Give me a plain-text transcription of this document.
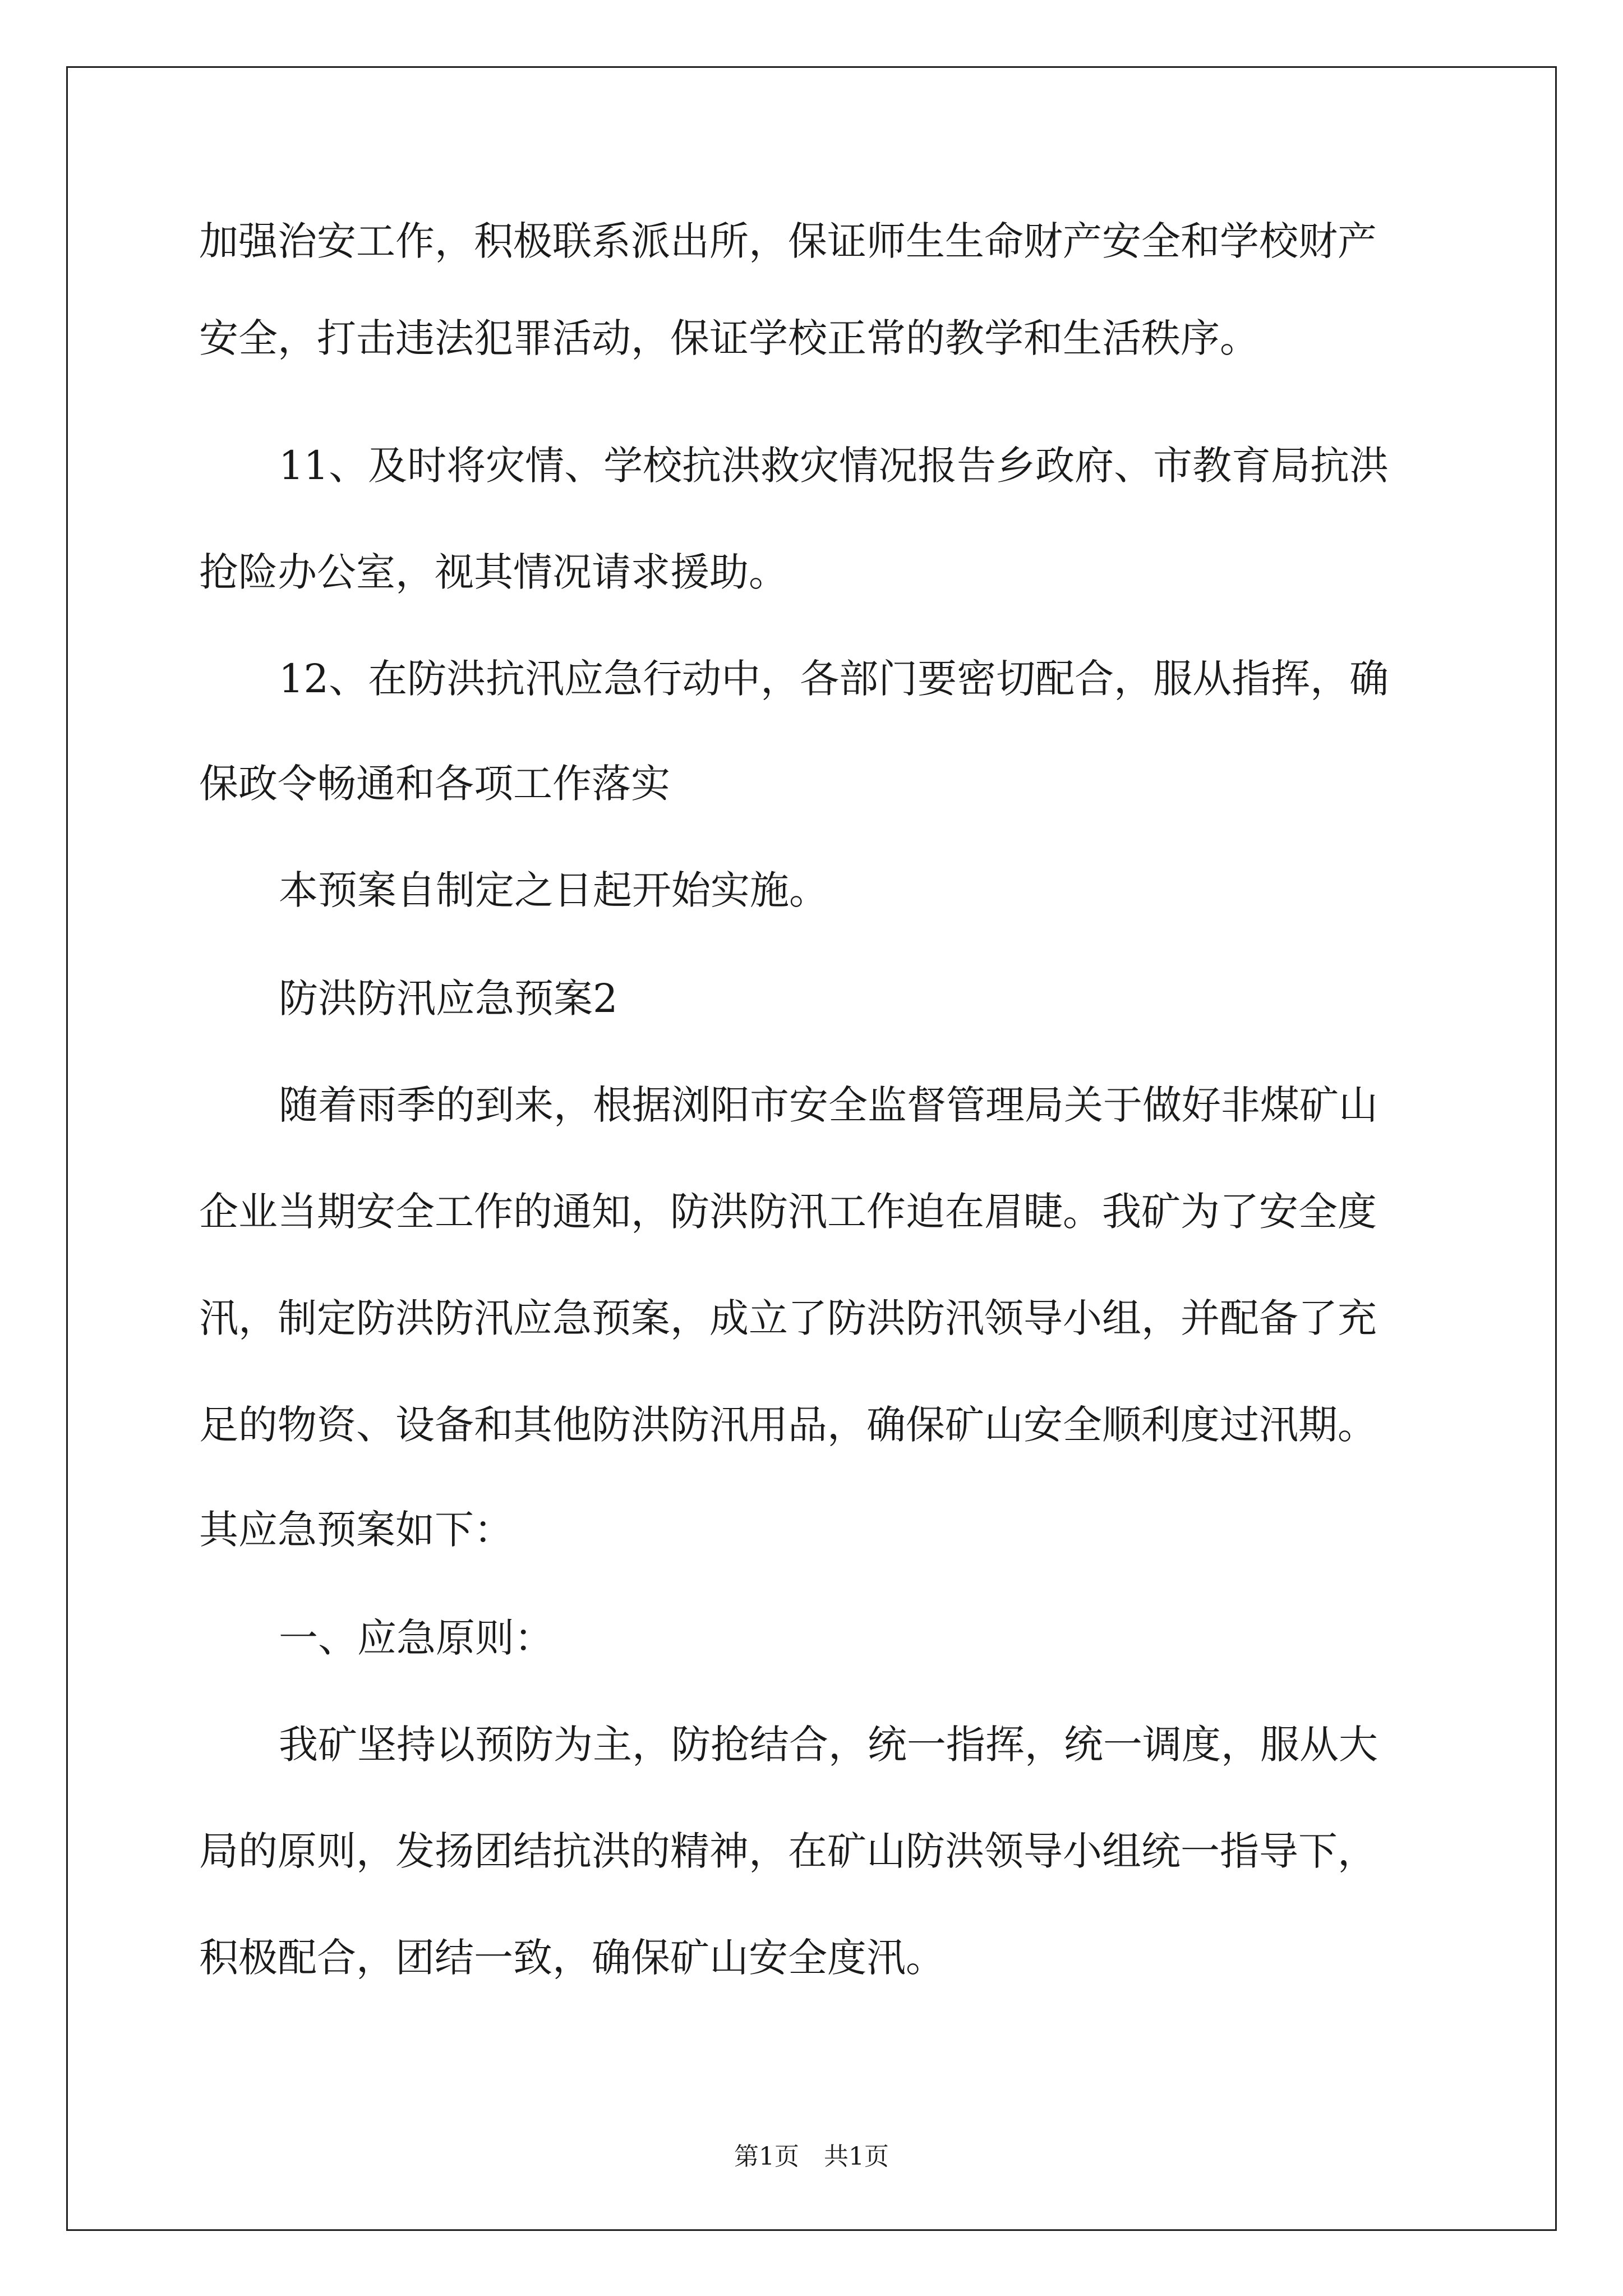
加强治安工作，积极联系派出所，保证师生生命财产安全和学校财产
安全，打击违法犯罪活动，保证学校正常的教学和生活秩序。
11、及时将灾情、学校抗洪救灾情况报告乡政府、市教育局抗洪
抢险办公室，视其情况请求援助。
12、在防洪抗汛应急行动中，各部门要密切配合，服从指挥，确
保政令畅通和各项工作落实
本预案自制定之日起开始实施。
防洪防汛应急预案2
随着雨季的到来，根据浏阳市安全监督管理局关于做好非煤矿山
企业当期安全工作的通知，防洪防汛工作迫在眉睫。我矿为了安全度
汛，制定防洪防汛应急预案，成立了防洪防汛领导小组，并配备了充
足的物资、设备和其他防洪防汛用品，确保矿山安全顺利度过汛期。
其应急预案如下：
一、应急原则：
我矿坚持以预防为主，防抢结合，统一指挥，统一调度，服从大
局的原则，发扬团结抗洪的精神，在矿山防洪领导小组统一指导下，
积极配合，团结一致，确保矿山安全度汛。
第1页　共1页
